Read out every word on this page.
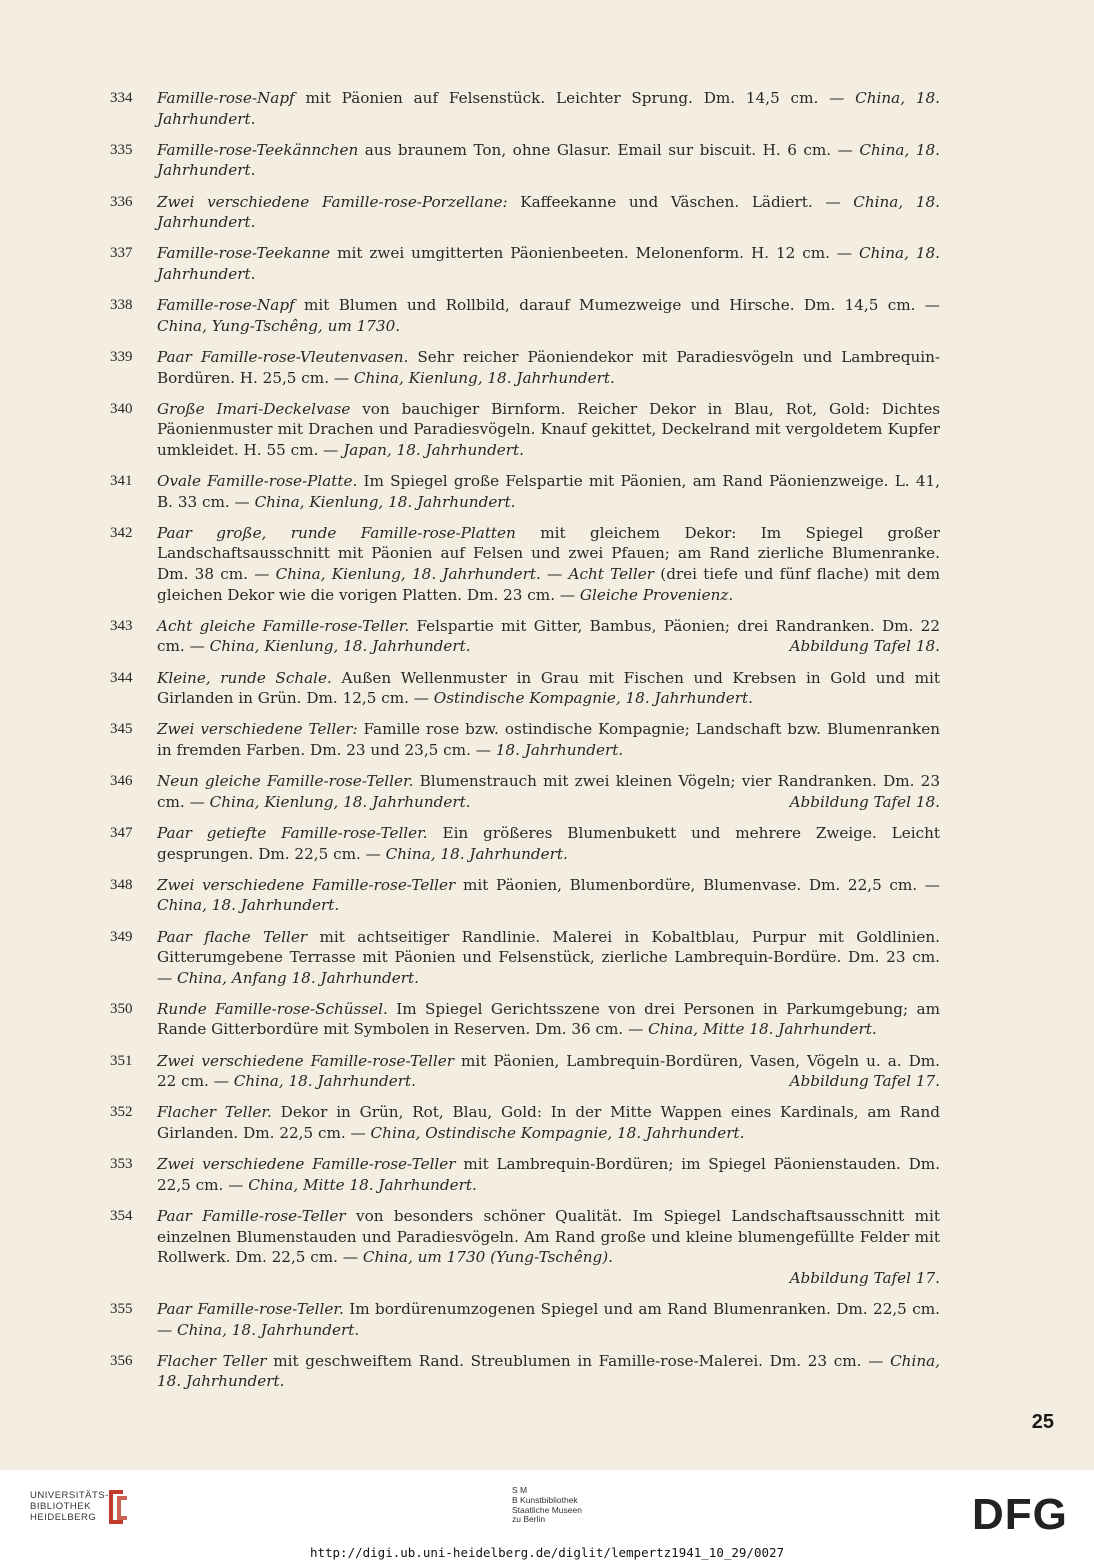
334	Famille-rose-Napf mit Päonien auf Felsenstück. Leichter Sprung. Dm. 14,5 cm. — China, 18. Jahrhundert.
335	Famille-rose-Teekännchen aus braunem Ton, ohne Glasur. Email sur biscuit. H. 6 cm. — China, 18. Jahrhundert.
336	Zwei verschiedene Famille-rose-Porzellane: Kaffeekanne und Väschen. Lädiert. — China, 18. Jahrhundert.
337	Famille-rose-Teekanne mit zwei umgitterten Päonienbeeten. Melonenform. H. 12 cm. — China, 18. Jahrhundert.
338	Famille-rose-Napf mit Blumen und Rollbild, darauf Mumezweige und Hirsche. Dm. 14,5 cm. — China, Yung-Tschêng, um 1730.
339	Paar Famille-rose-Vleutenvasen. Sehr reicher Päoniendekor mit Paradiesvögeln und Lambrequin-Bordüren. H. 25,5 cm. — China, Kienlung, 18. Jahrhundert.
340	Große Imari-Deckelvase von bauchiger Birnform. Reicher Dekor in Blau, Rot, Gold: Dichtes Päonienmuster mit Drachen und Paradiesvögeln. Knauf gekittet, Deckelrand mit vergoldetem Kupfer umkleidet. H. 55 cm. — Japan, 18. Jahrhundert.
341	Ovale Famille-rose-Platte. Im Spiegel große Felspartie mit Päonien, am Rand Päonienzweige. L. 41, B. 33 cm. — China, Kienlung, 18. Jahrhundert.
342	Paar große, runde Famille-rose-Platten mit gleichem Dekor: Im Spiegel großer Landschaftsausschnitt mit Päonien auf Felsen und zwei Pfauen; am Rand zierliche Blumenranke. Dm. 38 cm. — China, Kienlung, 18. Jahrhundert. — Acht Teller (drei tiefe und fünf flache) mit dem gleichen Dekor wie die vorigen Platten. Dm. 23 cm. — Gleiche Provenienz.
343	Acht gleiche Famille-rose-Teller. Felspartie mit Gitter, Bambus, Päonien; drei Randranken. Dm. 22 cm. — China, Kienlung, 18. Jahrhundert.	Abbildung Tafel 18.
344	Kleine, runde Schale. Außen Wellenmuster in Grau mit Fischen und Krebsen in Gold und mit Girlanden in Grün. Dm. 12,5 cm. — Ostindische Kompagnie, 18. Jahrhundert.
345	Zwei verschiedene Teller: Famille rose bzw. ostindische Kompagnie; Landschaft bzw. Blumenranken in fremden Farben. Dm. 23 und 23,5 cm. — 18. Jahrhundert.
346	Neun gleiche Famille-rose-Teller. Blumenstrauch mit zwei kleinen Vögeln; vier Randranken. Dm. 23 cm. — China, Kienlung, 18. Jahrhundert.	Abbildung Tafel 18.
347	Paar getiefte Famille-rose-Teller. Ein größeres Blumenbukett und mehrere Zweige. Leicht gesprungen. Dm. 22,5 cm. — China, 18. Jahrhundert.
348	Zwei verschiedene Famille-rose-Teller mit Päonien, Blumenbordüre, Blumenvase. Dm. 22,5 cm. — China, 18. Jahrhundert.
349	Paar flache Teller mit achtseitiger Randlinie. Malerei in Kobaltblau, Purpur mit Goldlinien. Gitterumgebene Terrasse mit Päonien und Felsenstück, zierliche Lambrequin-Bordüre. Dm. 23 cm. — China, Anfang 18. Jahrhundert.
350	Runde Famille-rose-Schüssel. Im Spiegel Gerichtsszene von drei Personen in Parkumgebung; am Rande Gitterbordüre mit Symbolen in Reserven. Dm. 36 cm. — China, Mitte 18. Jahrhundert.
351	Zwei verschiedene Famille-rose-Teller mit Päonien, Lambrequin-Bordüren, Vasen, Vögeln u. a. Dm. 22 cm. — China, 18. Jahrhundert.	Abbildung Tafel 17.
352	Flacher Teller. Dekor in Grün, Rot, Blau, Gold: In der Mitte Wappen eines Kardinals, am Rand Girlanden. Dm. 22,5 cm. — China, Ostindische Kompagnie, 18. Jahrhundert.
353	Zwei verschiedene Famille-rose-Teller mit Lambrequin-Bordüren; im Spiegel Päonienstauden. Dm. 22,5 cm. — China, Mitte 18. Jahrhundert.
354	Paar Famille-rose-Teller von besonders schöner Qualität. Im Spiegel Landschaftsausschnitt mit einzelnen Blumenstauden und Paradiesvögeln. Am Rand große und kleine blumengefüllte Felder mit Rollwerk. Dm. 22,5 cm. — China, um 1730 (Yung-Tschêng).
Abbildung Tafel 17.
355	Paar Famille-rose-Teller. Im bordürenumzogenen Spiegel und am Rand Blumenranken. Dm. 22,5 cm. — China, 18. Jahrhundert.
356	Flacher Teller mit geschweiftem Rand. Streublumen in Famille-rose-Malerei. Dm. 23 cm. — China, 18. Jahrhundert.
25
UNIVERSITÄTS-
BIBLIOTHEK
HEIDELBERG
S M
B Kunstbibliothek
Staatliche Museen
zu Berlin	DFG
http://digi.ub.uni-heidelberg.de/diglit/lempertz1941_10_29/0027
